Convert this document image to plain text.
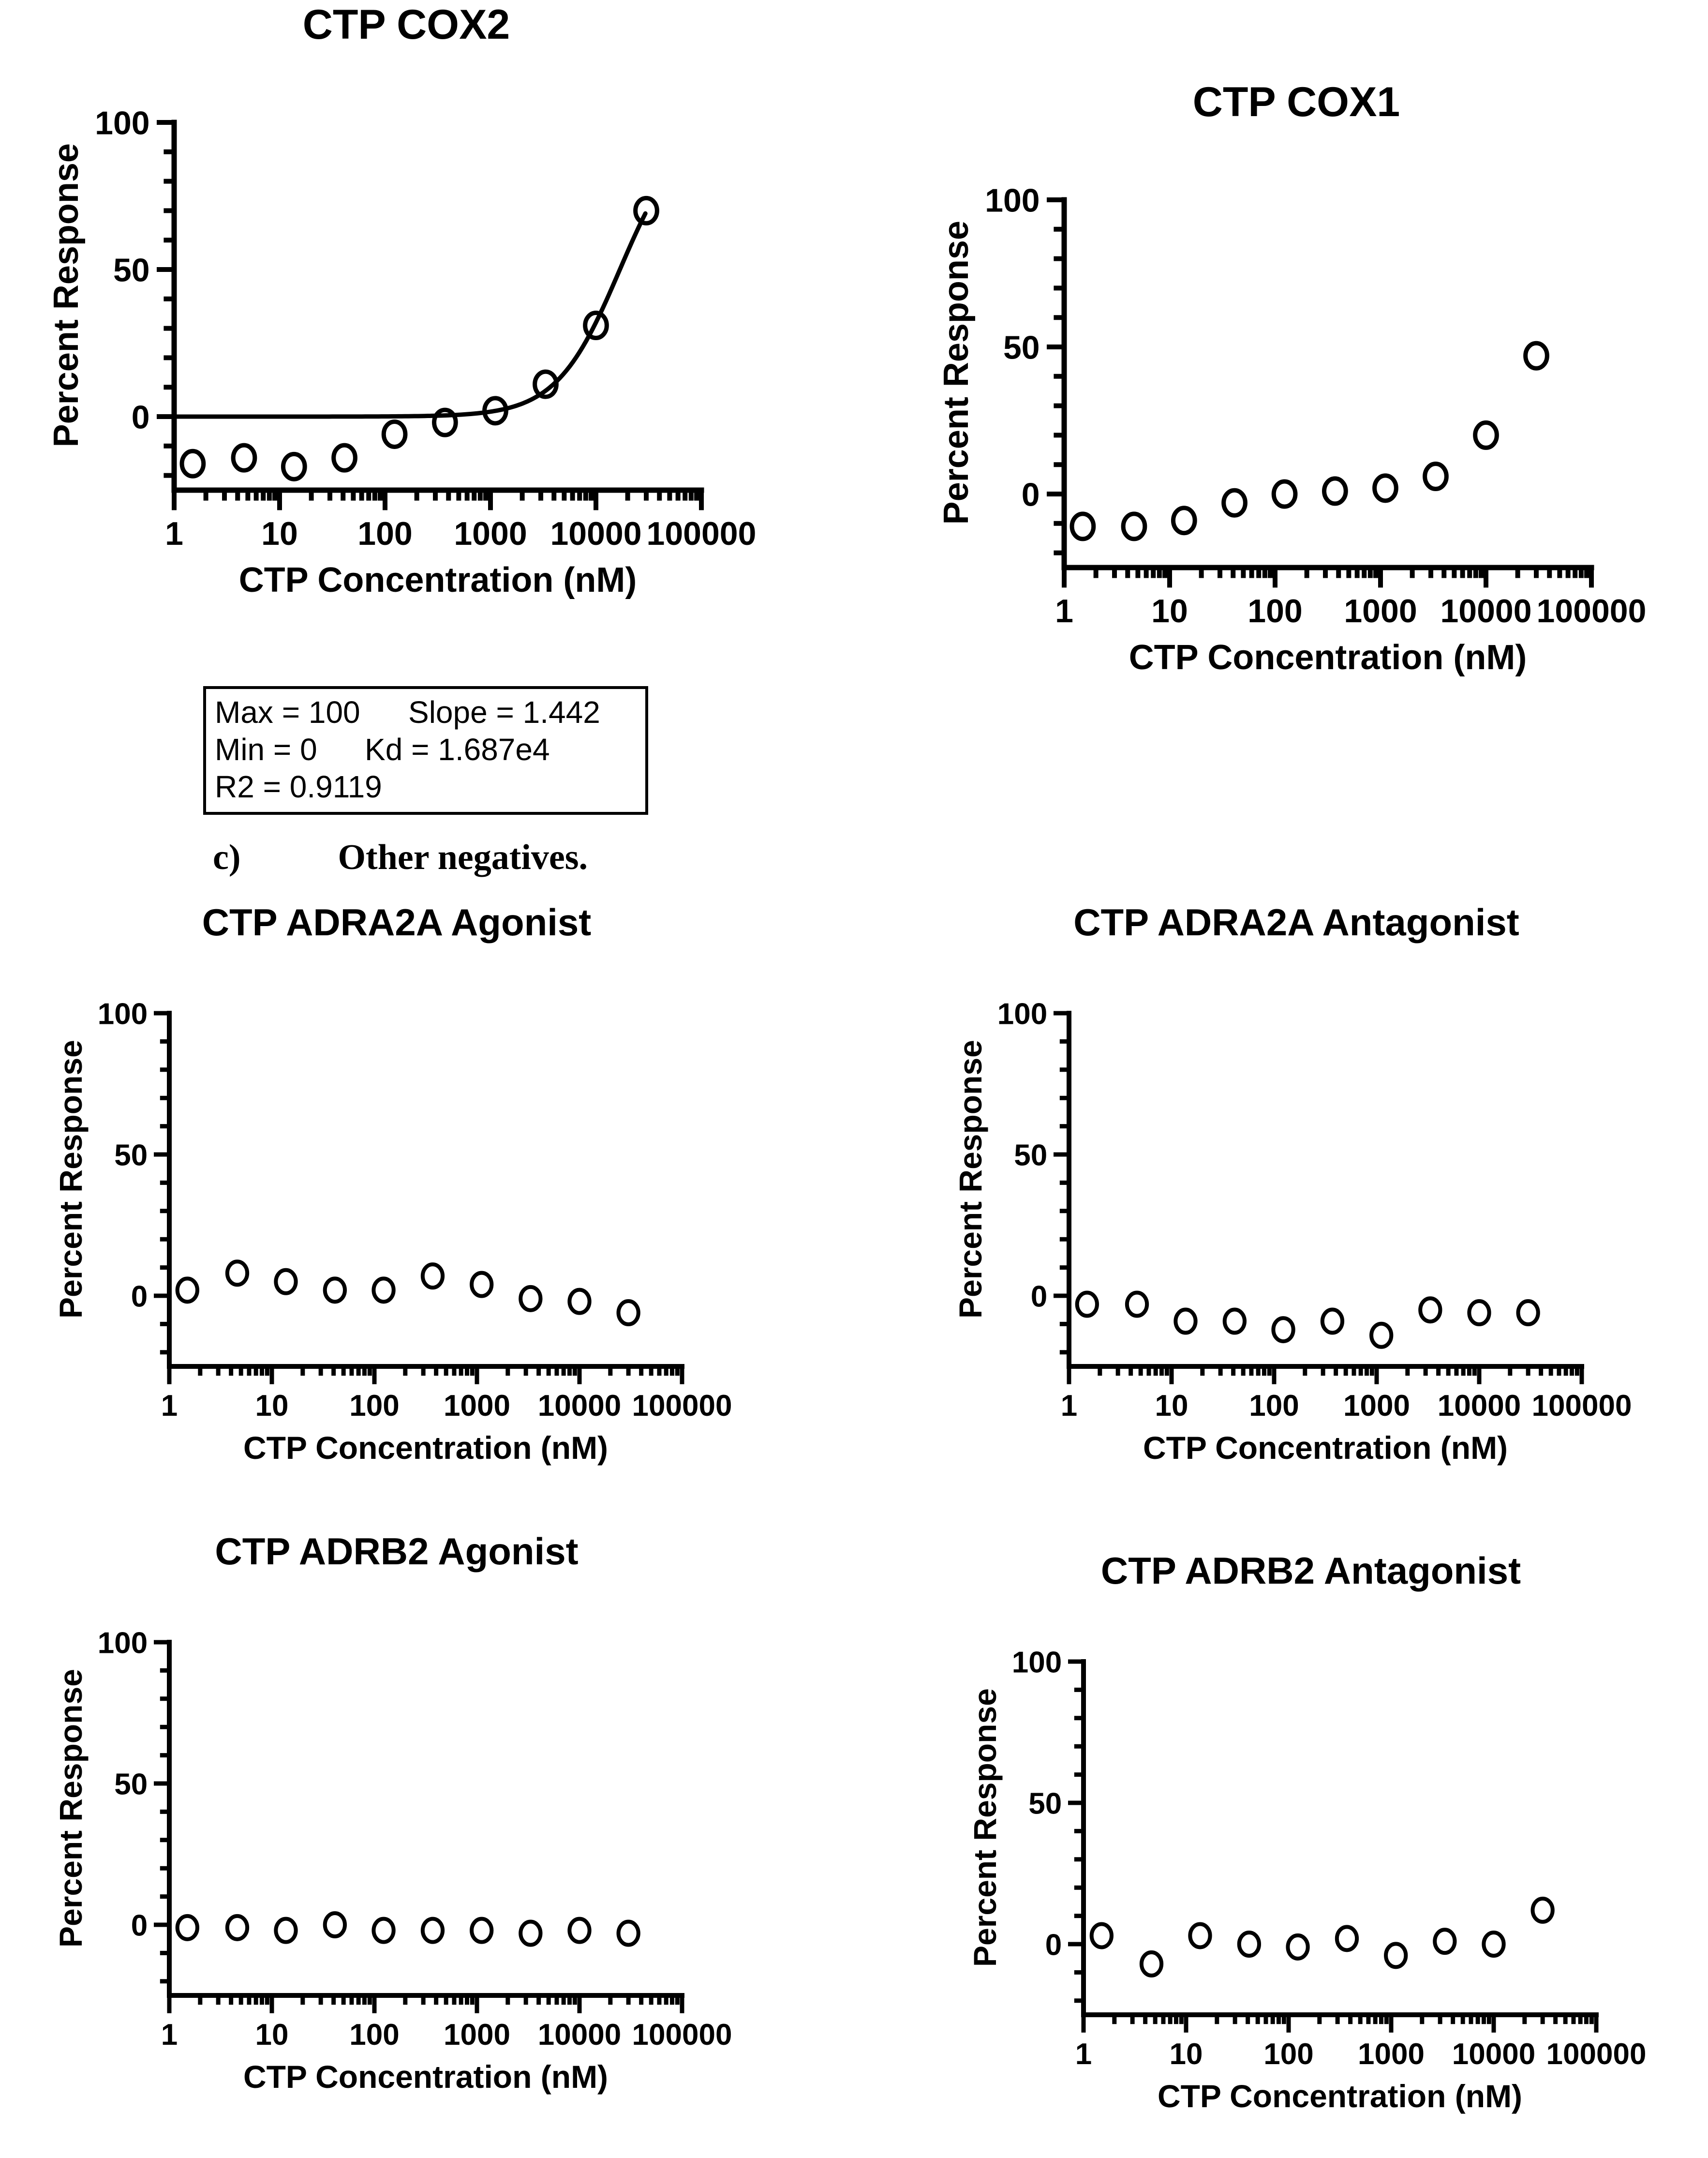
CTP COX2
0
50
100
1 10 100 1000 10000 100000
CTP Concentration (nM)
Percent Response
CTP COX1
0
50
100
1 10 100 1000 10000 100000
CTP Concentration (nM)
Percent Response
CTP ADRA2A Agonist
0
50
100
1	10 100 1000 10000 100000
CTP Concentration (nM)
Percent Response
CTP ADRA2A Antagonist
0
50
100
1	10 100 1000 10000 100000
CTP Concentration (nM)
Percent Response
CTP ADRB2 Agonist
0
50
100
1	10 100 1000 10000 100000
CTP Concentration (nM)
Percent Response
CTP ADRB2 Antagonist
0
50
100
1	10 100 1000 10000 100000
CTP Concentration (nM)
Percent Response
Max = 100	Slope = 1.442
Min = 0	Kd = 1.687e4
R2 = 0.9119
c)	Other negatives.
